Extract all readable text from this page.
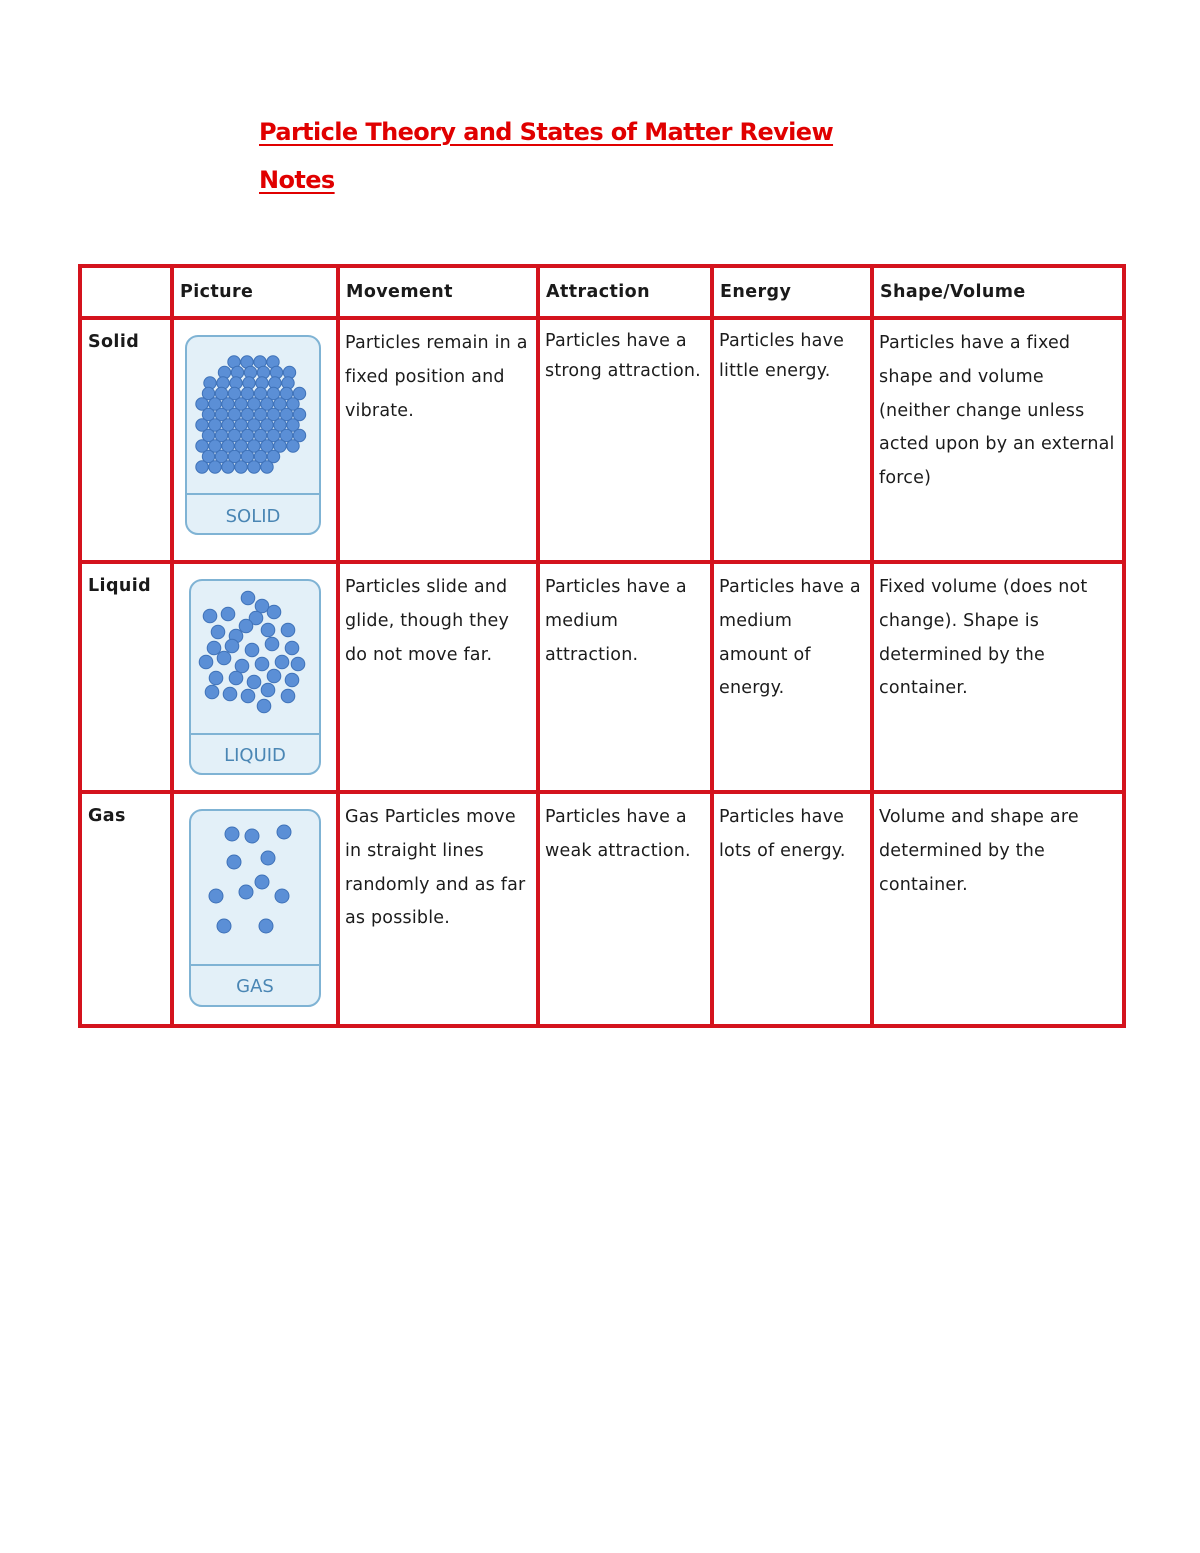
Particle Theory and States of Matter Review
Notes
	Picture	Movement	Attraction	Energy	Shape/Volume
Solid	SOLID	Particles remain in a fixed position and vibrate.	Particles have a strong attraction.	Particles have little energy.	Particles have a fixed shape and volume (neither change unless acted upon by an external force)
Liquid	LIQUID	Particles slide and glide, though they do not move far.	Particles have a medium attraction.	Particles have a medium amount of energy.	Fixed volume (does not change). Shape is determined by the container.
Gas	GAS	Gas Particles move in straight lines randomly and as far as possible.	Particles have a weak attraction.	Particles have lots of energy.	Volume and shape are determined by the container.
